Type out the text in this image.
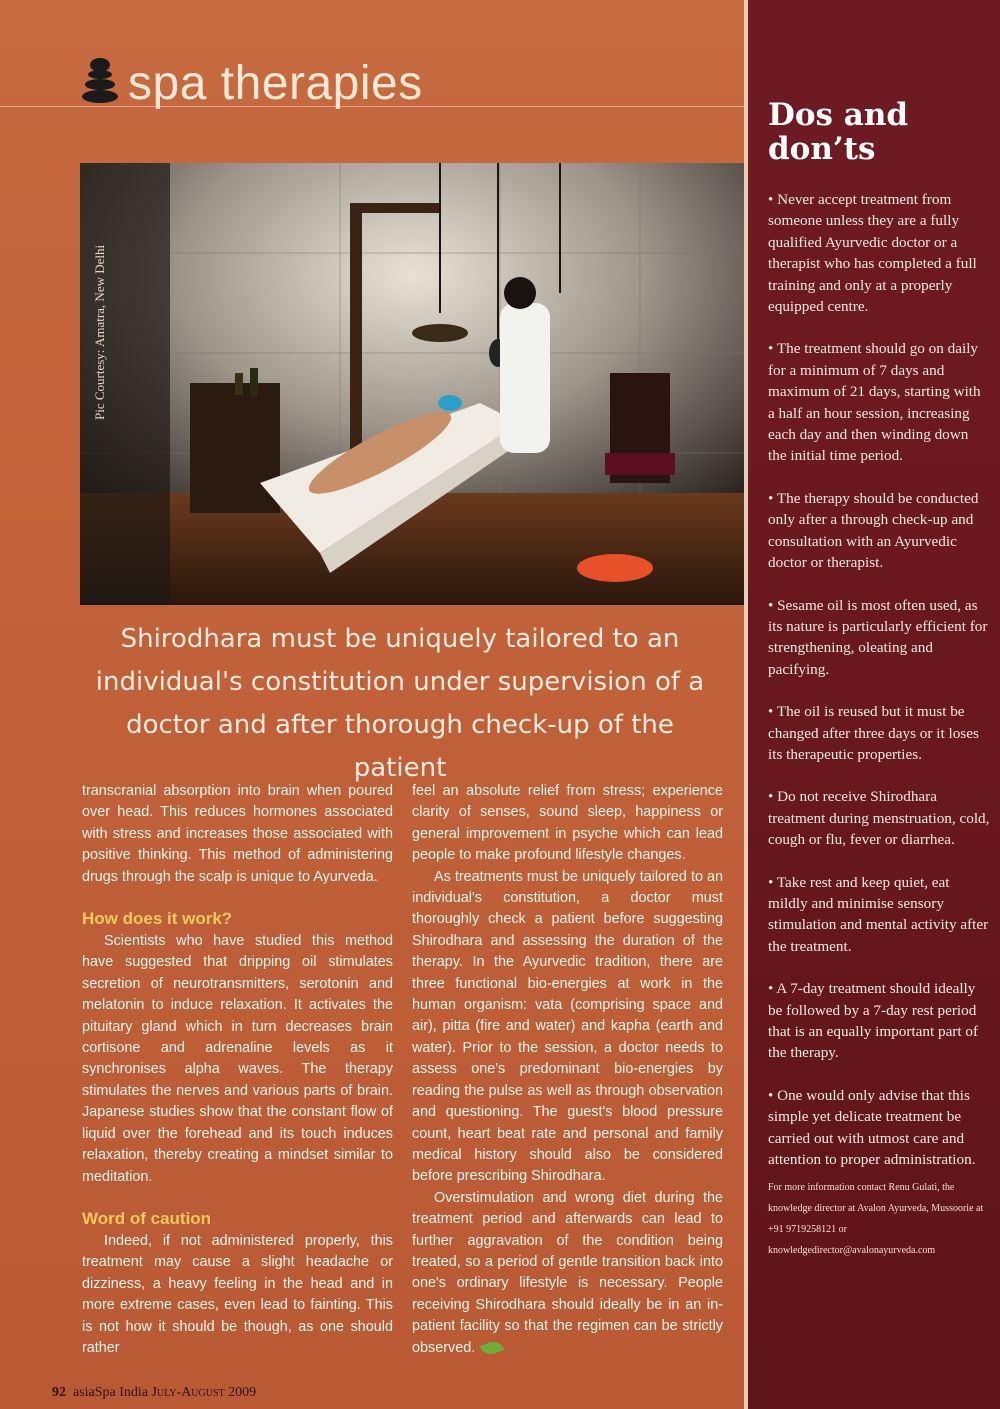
spa therapies
Pic Courtesy: Amatra, New Delhi
Shirodhara must be uniquely tailored to an individual's constitution under supervision of a doctor and after thorough check-up of the patient

transcranial absorption into brain when poured over head. This reduces hormones associated with stress and increases those associated with positive thinking. This method of administering drugs through the scalp is unique to Ayurveda.

How does it work?

Scientists who have studied this method have suggested that dripping oil stimulates secretion of neurotransmitters, serotonin and melatonin to induce relaxation. It activates the pituitary gland which in turn decreases brain cortisone and adrenaline levels as it synchronises alpha waves. The therapy stimulates the nerves and various parts of brain. Japanese studies show that the constant flow of liquid over the forehead and its touch induces relaxation, thereby creating a mindset similar to meditation.

Word of caution

Indeed, if not administered properly, this treatment may cause a slight headache or dizziness, a heavy feeling in the head and in more extreme cases, even lead to fainting. This is not how it should be though, as one should rather

feel an absolute relief from stress; experience clarity of senses, sound sleep, happiness or general improvement in psyche which can lead people to make profound lifestyle changes.

As treatments must be uniquely tailored to an individual's constitution, a doctor must thoroughly check a patient before suggesting Shirodhara and assessing the duration of the therapy. In the Ayurvedic tradition, there are three functional bio-energies at work in the human organism: vata (comprising space and air), pitta (fire and water) and kapha (earth and water). Prior to the session, a doctor needs to assess one's predominant bio-energies by reading the pulse as well as through observation and questioning. The guest's blood pressure count, heart beat rate and personal and family medical history should also be considered before prescribing Shirodhara.

Overstimulation and wrong diet during the treatment period and afterwards can lead to further aggravation of the condition being treated, so a period of gentle transition back into one's ordinary lifestyle is necessary. People receiving Shirodhara should ideally be in an in-patient facility so that the regimen can be strictly observed.

92 asiaSpa India July-August 2009
Dos and don’ts
• Never accept treatment from someone unless they are a fully qualified Ayurvedic doctor or a therapist who has completed a full training and only at a properly equipped centre.
• The treatment should go on daily for a minimum of 7 days and maximum of 21 days, starting with a half an hour session, increasing each day and then winding down the initial time period.
• The therapy should be conducted only after a through check-up and consultation with an Ayurvedic doctor or therapist.
• Sesame oil is most often used, as its nature is particularly efficient for strengthening, oleating and pacifying.
• The oil is reused but it must be changed after three days or it loses its therapeutic properties.
• Do not receive Shirodhara treatment during menstruation, cold, cough or flu, fever or diarrhea.
• Take rest and keep quiet, eat mildly and minimise sensory stimulation and mental activity after the treatment.
• A 7-day treatment should ideally be followed by a 7-day rest period that is an equally important part of the therapy.
• One would only advise that this simple yet delicate treatment be carried out with utmost care and attention to proper administration.
For more information contact Renu Gulati, the knowledge director at Avalon Ayurveda, Mussoorie at +91 9719258121 or knowledgedirector@avalonayurveda.com
